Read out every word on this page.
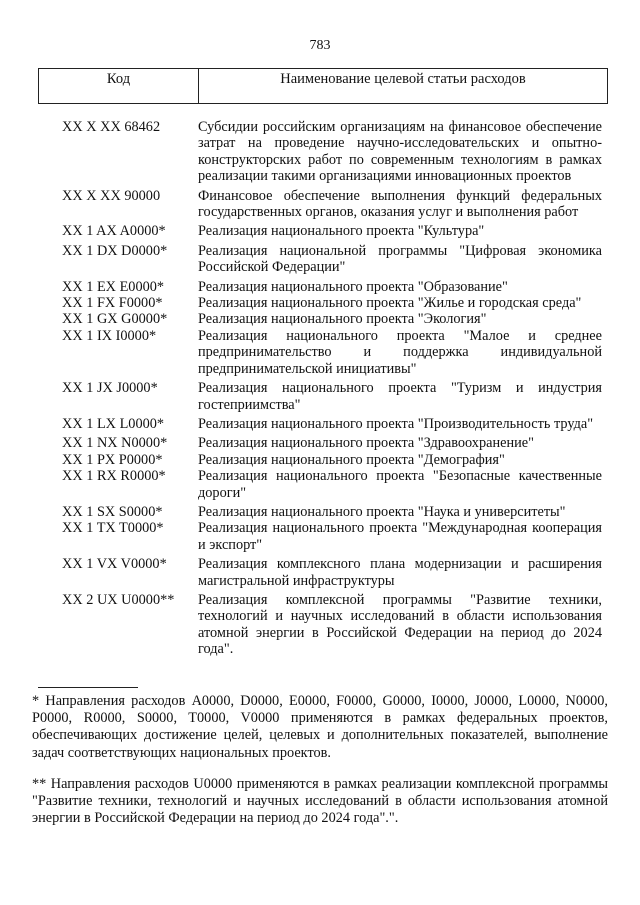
783
Код	Наименование целевой статьи расходов
XX X XX 68462	Субсидии российским организациям на финансовое обеспечение затрат на проведение научно-исследовательских и опытно-конструкторских работ по современным технологиям в рамках реализации такими организациями инновационных проектов
XX X XX 90000	Финансовое обеспечение выполнения функций федеральных государственных органов, оказания услуг и выполнения работ
XX 1 AX A0000*	Реализация национального проекта "Культура"
XX 1 DX D0000*	Реализация национальной программы "Цифровая экономика Российской Федерации"
XX 1 EX E0000*	Реализация национального проекта "Образование"
XX 1 FX F0000*	Реализация национального проекта "Жилье и городская среда"
XX 1 GX G0000*	Реализация национального проекта "Экология"
XX 1 IX I0000*	Реализация национального проекта "Малое и среднее предпринимательство и поддержка индивидуальной предпринимательской инициативы"
XX 1 JX J0000*	Реализация национального проекта "Туризм и индустрия гостеприимства"
XX 1 LX L0000*	Реализация национального проекта "Производительность труда"
XX 1 NX N0000*	Реализация национального проекта "Здравоохранение"
XX 1 PX P0000*	Реализация национального проекта "Демография"
XX 1 RX R0000*	Реализация национального проекта "Безопасные качественные дороги"
XX 1 SX S0000*	Реализация национального проекта "Наука и университеты"
XX 1 TX T0000*	Реализация национального проекта "Международная кооперация и экспорт"
XX 1 VX V0000*	Реализация комплексного плана модернизации и расширения магистральной инфраструктуры
XX 2 UX U0000**	Реализация комплексной программы "Развитие техники, технологий и научных исследований в области использования атомной энергии в Российской Федерации на период до 2024 года".

* Направления расходов A0000, D0000, E0000, F0000, G0000, I0000, J0000, L0000, N0000, P0000, R0000, S0000, T0000, V0000 применяются в рамках федеральных проектов, обеспечивающих достижение целей, целевых и дополнительных показателей, выполнение задач соответствующих национальных проектов.

** Направления расходов U0000 применяются в рамках реализации комплексной программы "Развитие техники, технологий и научных исследований в области использования атомной энергии в Российской Федерации на период до 2024 года".".
